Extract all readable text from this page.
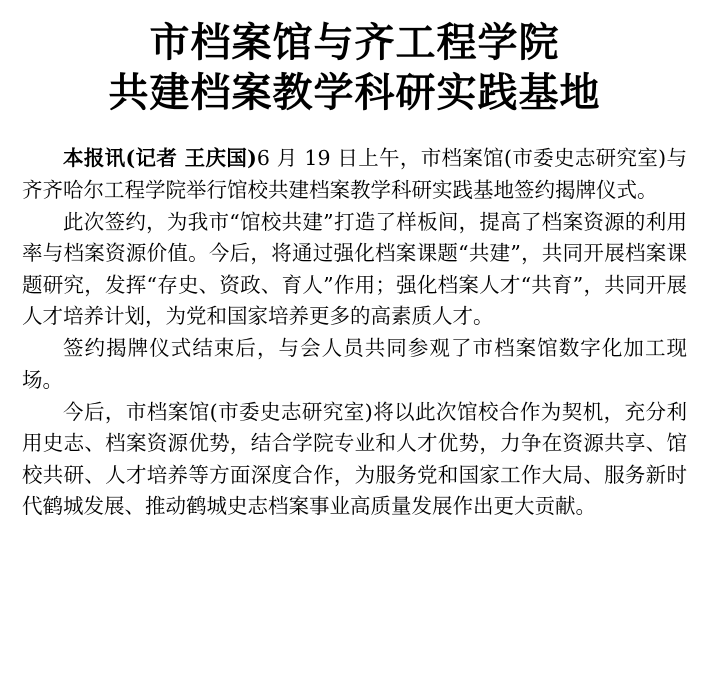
市档案馆与齐工程学院
共建档案教学科研实践基地

本报讯(记者 王庆国)6 月 19 日上午，市档案馆(市委史志研究室)与齐齐哈尔工程学院举行馆校共建档案教学科研实践基地签约揭牌仪式。

此次签约，为我市“馆校共建”打造了样板间，提高了档案资源的利用率与档案资源价值。今后，将通过强化档案课题“共建”，共同开展档案课题研究，发挥“存史、资政、育人”作用；强化档案人才“共育”，共同开展人才培养计划，为党和国家培养更多的高素质人才。

签约揭牌仪式结束后，与会人员共同参观了市档案馆数字化加工现场。

今后，市档案馆(市委史志研究室)将以此次馆校合作为契机，充分利用史志、档案资源优势，结合学院专业和人才优势，力争在资源共享、馆校共研、人才培养等方面深度合作，为服务党和国家工作大局、服务新时代鹤城发展、推动鹤城史志档案事业高质量发展作出更大贡献。
